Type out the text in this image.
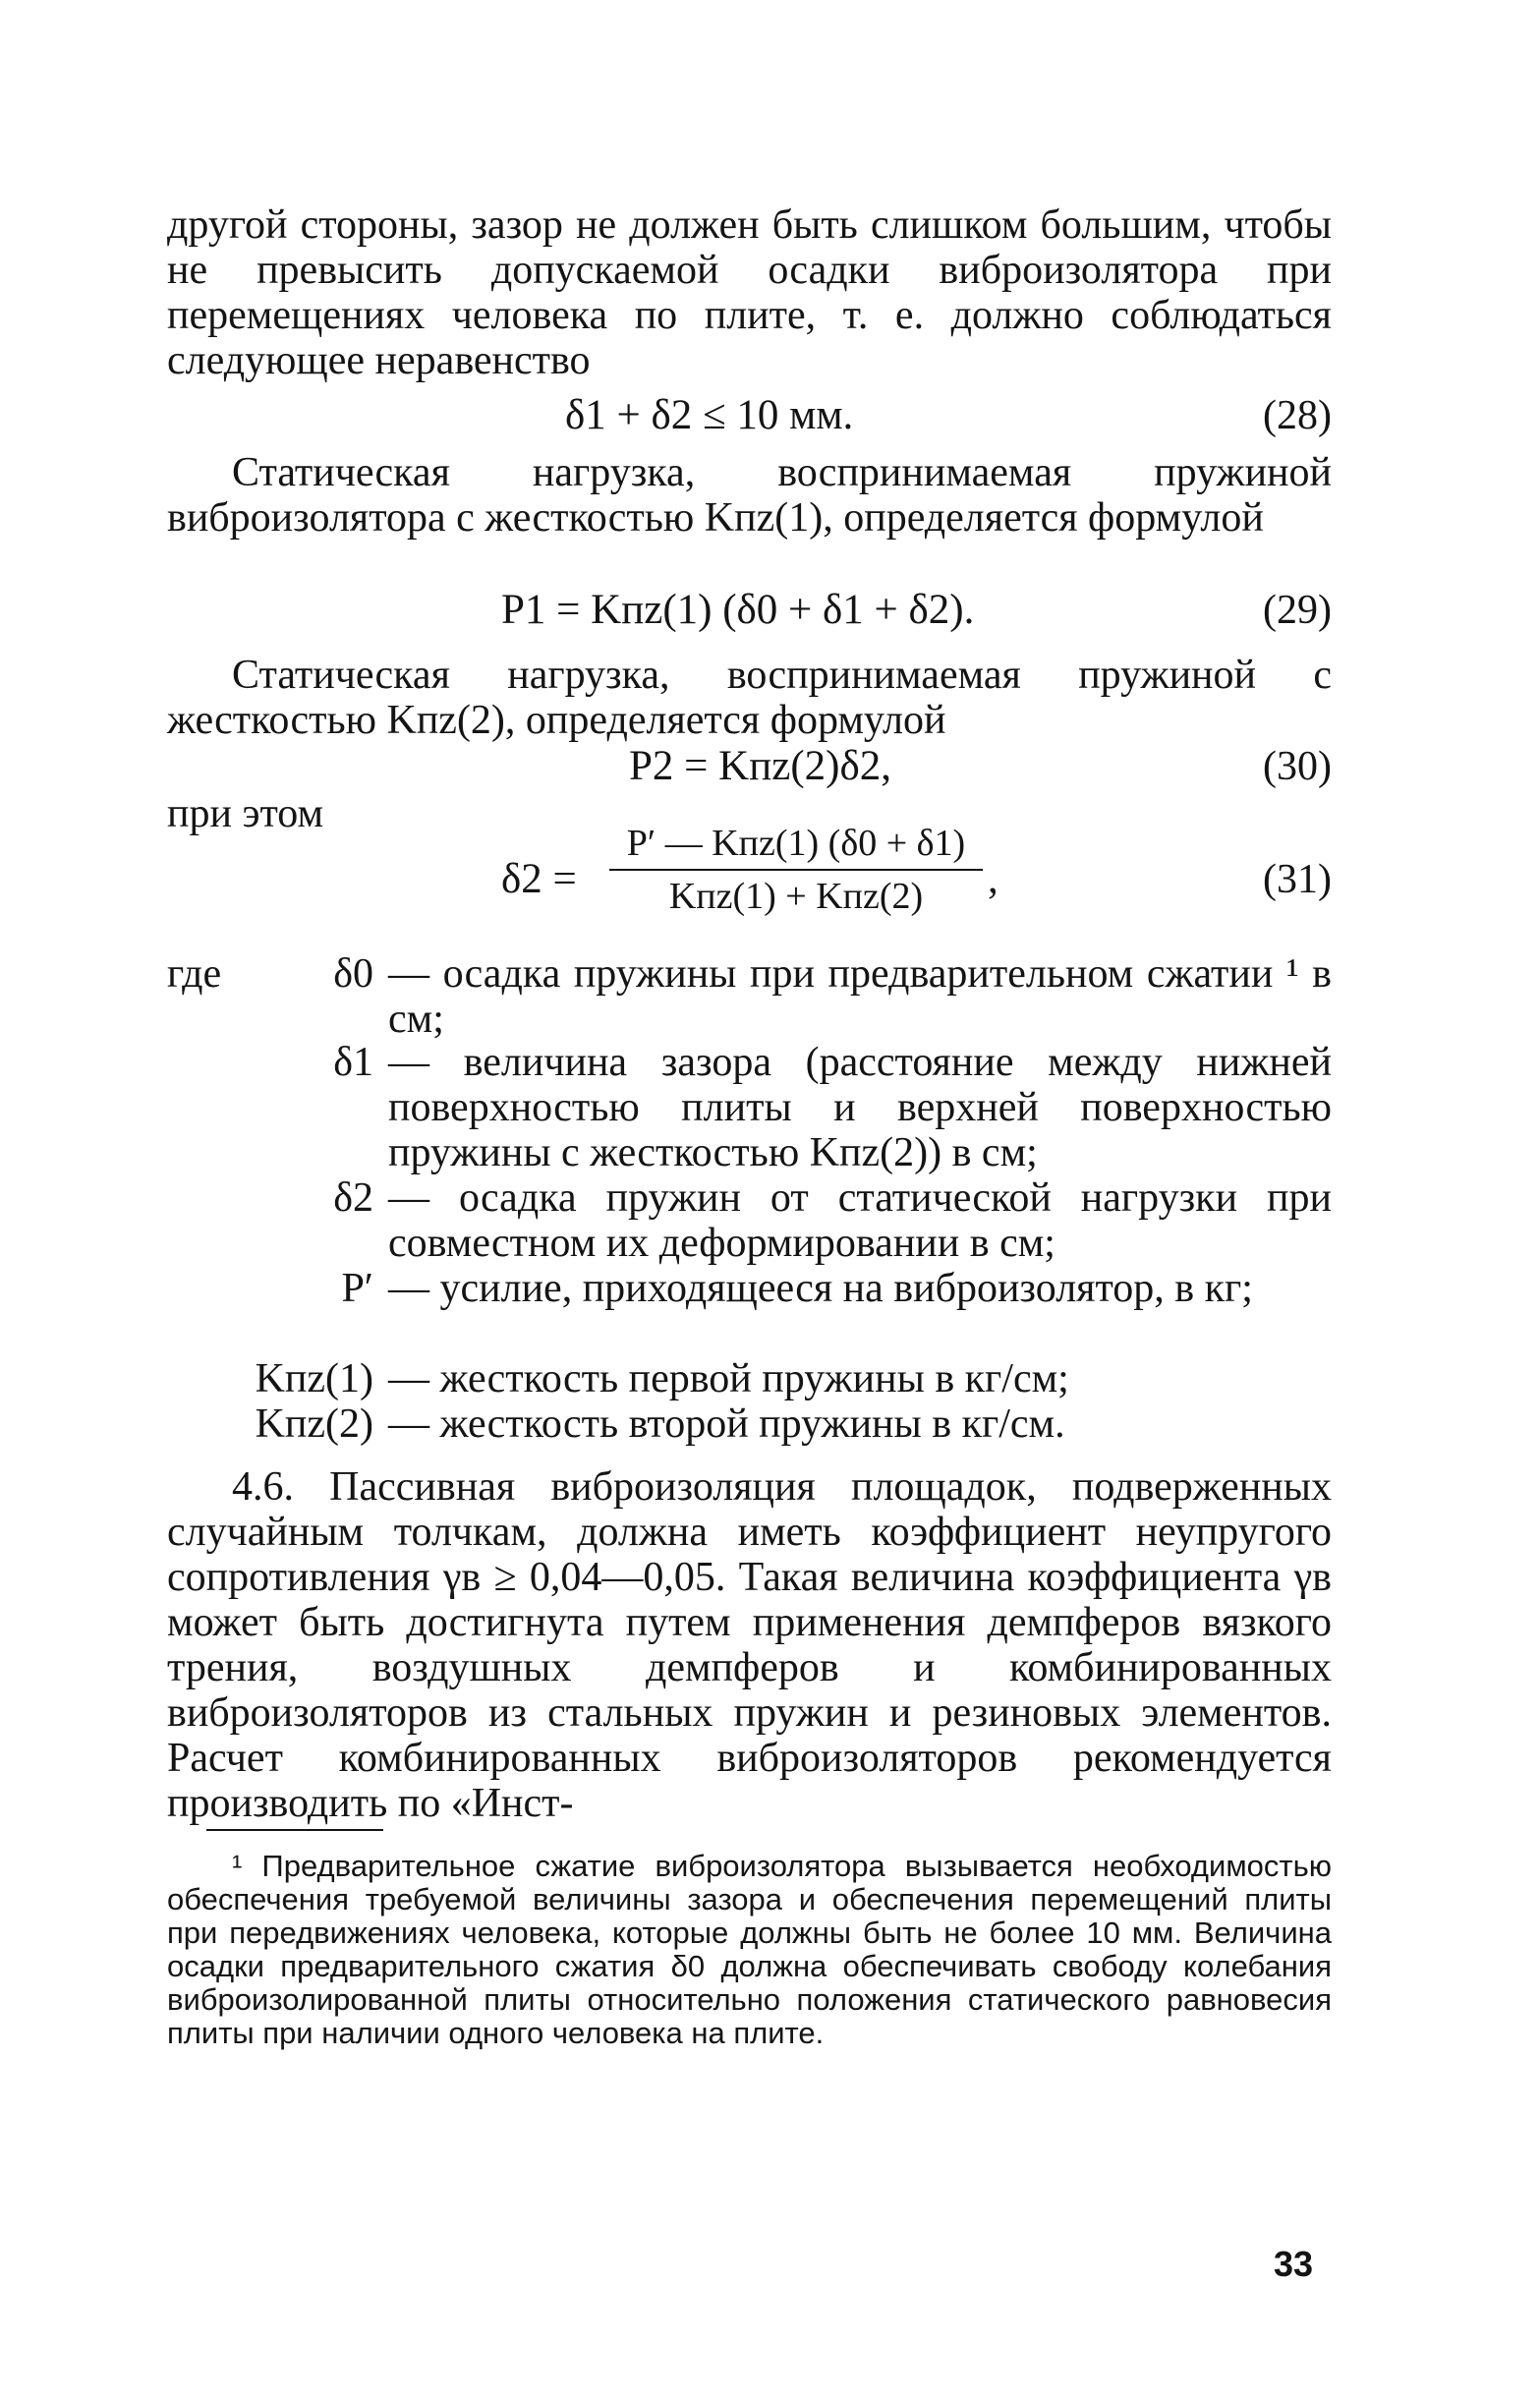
другой стороны, зазор не должен быть слишком большим, чтобы не превысить допускаемой осадки виброизолятора при перемещениях человека по плите, т. е. должно соблюдаться следующее неравенство

δ1 + δ2 ≤ 10 мм.	(28)

Статическая нагрузка, воспринимаемая пружиной виброизолятора с жесткостью Kпz(1), определяется формулой

P1 = Kпz(1) (δ0 + δ1 + δ2).	(29)

Статическая нагрузка, воспринимаемая пружиной с жесткостью Kпz(2), определяется формулой

P2 = Kпz(2)δ2,	(30)

при этом

δ2 =
P′ — Kпz(1) (δ0 + δ1)
Kпz(1) + Kпz(2)	,	(31)
где	δ0 — осадка пружины при предварительном сжатии ¹ в см;
δ1 — величина зазора (расстояние между нижней поверхностью плиты и верхней поверхностью пружины с жесткостью Kпz(2)) в см;
δ2 — осадка пружин от статической нагрузки при совместном их деформировании в см;
P′ — усилие, приходящееся на виброизолятор, в кг;
Kпz(1) — жесткость первой пружины в кг/см;
Kпz(2) — жесткость второй пружины в кг/см.

4.6. Пассивная виброизоляция площадок, подверженных случайным толчкам, должна иметь коэффициент неупругого сопротивления γв ≥ 0,04—0,05. Такая величина коэффициента γв может быть достигнута путем применения демпферов вязкого трения, воздушных демпферов и комбинированных виброизоляторов из стальных пружин и резиновых элементов. Расчет комбинированных виброизоляторов рекомендуется производить по «Инст-

¹ Предварительное сжатие виброизолятора вызывается необходимостью обеспечения требуемой величины зазора и обеспечения перемещений плиты при передвижениях человека, которые должны быть не более 10 мм. Величина осадки предварительного сжатия δ0 должна обеспечивать свободу колебания виброизолированной плиты относительно положения статического равновесия плиты при наличии одного человека на плите.

33
